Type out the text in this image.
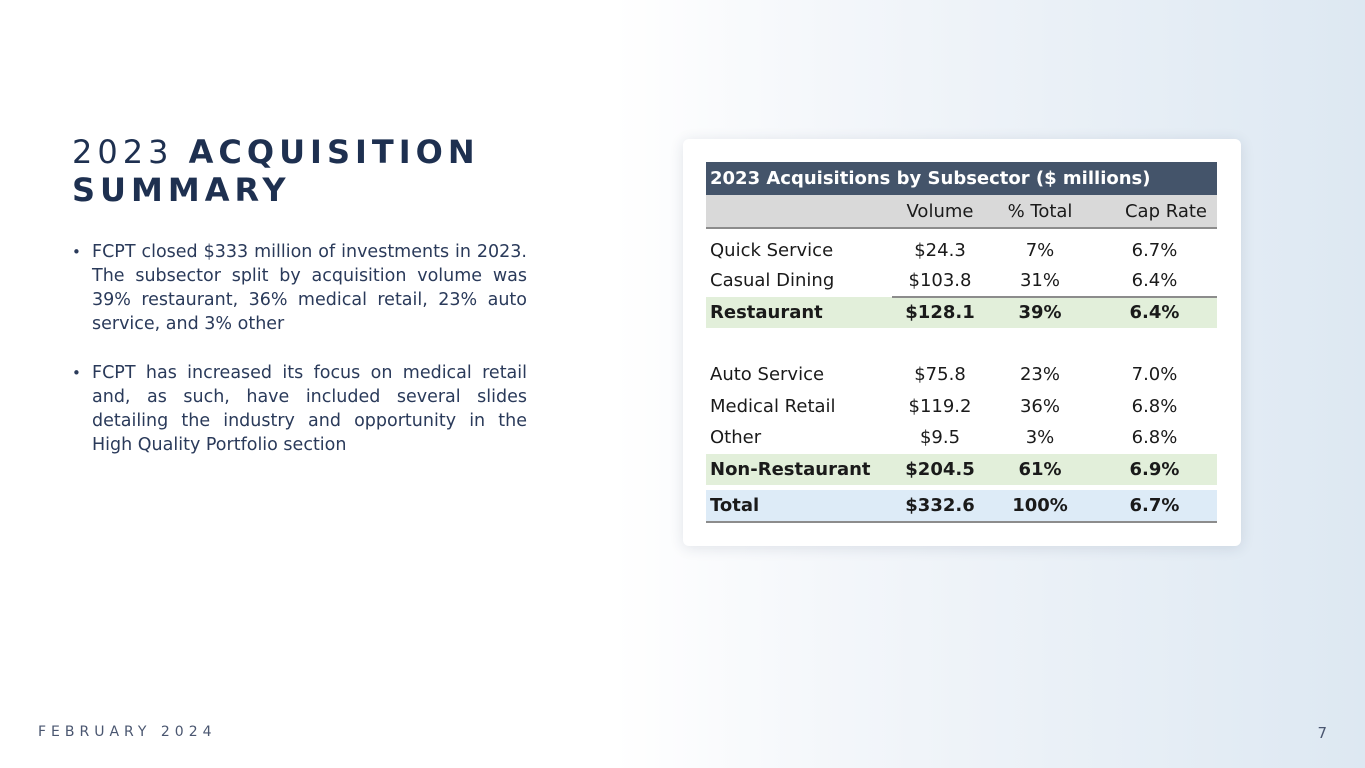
2023 ACQUISITION
SUMMARY
• FCPT closed $333 million of investments in 2023. The subsector split by acquisition volume was 39% restaurant, 36% medical retail, 23% auto service, and 3% other
• FCPT has increased its focus on medical retail and, as such, have included several slides detailing the industry and opportunity in the High Quality Portfolio section
2023 Acquisitions by Subsector ($ millions)			
	Volume	% Total	Cap Rate
Quick Service	$24.3	7%	6.7%
Casual Dining	$103.8	31%	6.4%
Restaurant	$128.1	39%	6.4%

Auto Service	$75.8	23%	7.0%
Medical Retail	$119.2	36%	6.8%
Other	$9.5	3%	6.8%
Non-Restaurant	$204.5	61%	6.9%

Total	$332.6	100%	6.7%
FEBRUARY 2024	7
